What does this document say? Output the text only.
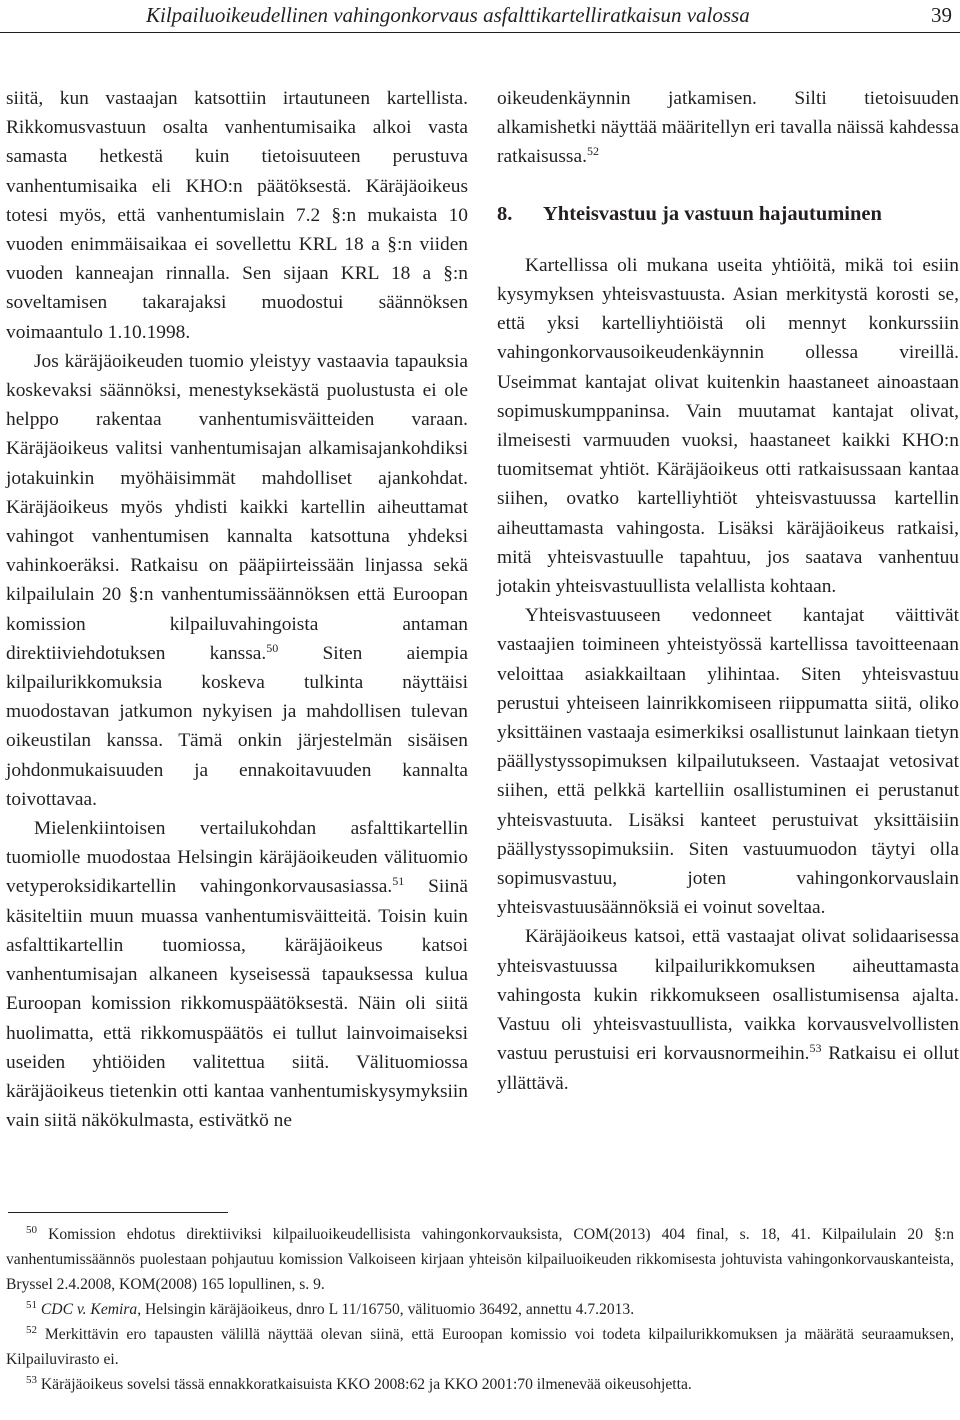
Kilpailuoikeudellinen vahingonkorvaus asfalttikartelliratkaisun valossa	39

siitä, kun vastaajan katsottiin irtautuneen kartellista. Rikkomusvastuun osalta vanhentumisaika alkoi vasta samasta hetkestä kuin tietoisuuteen perustuva vanhentumisaika eli KHO:n päätöksestä. Käräjäoikeus totesi myös, että vanhentumislain 7.2 §:n mukaista 10 vuoden enimmäisaikaa ei sovellettu KRL 18 a §:n viiden vuoden kanneajan rinnalla. Sen sijaan KRL 18 a §:n soveltamisen takarajaksi muodostui säännöksen voimaantulo 1.10.1998.

Jos käräjäoikeuden tuomio yleistyy vastaavia tapauksia koskevaksi säännöksi, menestyksekästä puolustusta ei ole helppo rakentaa vanhentumisväitteiden varaan. Käräjäoikeus valitsi vanhentumisajan alkamisajankohdiksi jotakuinkin myöhäisimmät mahdolliset ajankohdat. Käräjäoikeus myös yhdisti kaikki kartellin aiheuttamat vahingot vanhentumisen kannalta katsottuna yhdeksi vahinkoeräksi. Ratkaisu on pääpiirteissään linjassa sekä kilpailulain 20 §:n vanhentumissäännöksen että Euroopan komission kilpailuvahingoista antaman direktiiviehdotuksen kanssa.$^{50}$ Siten aiempia kilpailurikkomuksia koskeva tulkinta näyttäisi muodostavan jatkumon nykyisen ja mahdollisen tulevan oikeustilan kanssa. Tämä onkin järjestelmän sisäisen johdonmukaisuuden ja ennakoitavuuden kannalta toivottavaa.

Mielenkiintoisen vertailukohdan asfalttikartellin tuomiolle muodostaa Helsingin käräjäoikeuden välituomio vetyperoksidikartellin vahingonkorvausasiassa.$^{51}$ Siinä käsiteltiin muun muassa vanhentumisväitteitä. Toisin kuin asfalttikartellin tuomiossa, käräjäoikeus katsoi vanhentumisajan alkaneen kyseisessä tapauksessa kulua Euroopan komission rikkomuspäätöksestä. Näin oli siitä huolimatta, että rikkomuspäätös ei tullut lainvoimaiseksi useiden yhtiöiden valitettua siitä. Välituomiossa käräjäoikeus tietenkin otti kantaa vanhentumiskysymyksiin vain siitä näkökulmasta, estivätkö ne

oikeudenkäynnin jatkamisen. Silti tietoisuuden alkamishetki näyttää määritellyn eri tavalla näissä kahdessa ratkaisussa.$^{52}$

8.	Yhteisvastuu ja vastuun hajautuminen

Kartellissa oli mukana useita yhtiöitä, mikä toi esiin kysymyksen yhteisvastuusta. Asian merkitystä korosti se, että yksi kartelliyhtiöistä oli mennyt konkurssiin vahingonkorvausoikeudenkäynnin ollessa vireillä. Useimmat kantajat olivat kuitenkin haastaneet ainoastaan sopimuskumppaninsa. Vain muutamat kantajat olivat, ilmeisesti varmuuden vuoksi, haastaneet kaikki KHO:n tuomitsemat yhtiöt. Käräjäoikeus otti ratkaisussaan kantaa siihen, ovatko kartelliyhtiöt yhteisvastuussa kartellin aiheuttamasta vahingosta. Lisäksi käräjäoikeus ratkaisi, mitä yhteisvastuulle tapahtuu, jos saatava vanhentuu jotakin yhteisvastuullista velallista kohtaan.

Yhteisvastuuseen vedonneet kantajat väittivät vastaajien toimineen yhteistyössä kartellissa tavoitteenaan veloittaa asiakkailtaan ylihintaa. Siten yhteisvastuu perustui yhteiseen lainrikkomiseen riippumatta siitä, oliko yksittäinen vastaaja esimerkiksi osallistunut lainkaan tietyn päällystyssopimuksen kilpailutukseen. Vastaajat vetosivat siihen, että pelkkä kartelliin osallistuminen ei perustanut yhteisvastuuta. Lisäksi kanteet perustuivat yksittäisiin päällystyssopimuksiin. Siten vastuumuodon täytyi olla sopimusvastuu, joten vahingonkorvauslain yhteisvastuusäännöksiä ei voinut soveltaa.

Käräjäoikeus katsoi, että vastaajat olivat solidaarisessa yhteisvastuussa kilpailurikkomuksen aiheuttamasta vahingosta kukin rikkomukseen osallistumisensa ajalta. Vastuu oli yhteisvastuullista, vaikka korvausvelvollisten vastuu perustuisi eri korvausnormeihin.$^{53}$ Ratkaisu ei ollut yllättävä.

$^{50}$ Komission ehdotus direktiiviksi kilpailuoikeudellisista vahingonkorvauksista, COM(2013) 404 final, s. 18, 41. Kilpailulain 20 §:n vanhentumissäännös puolestaan pohjautuu komission Valkoiseen kirjaan yhteisön kilpailuoikeuden rikkomisesta johtuvista vahingonkorvauskanteista, Bryssel 2.4.2008, KOM(2008) 165 lopullinen, s. 9.

$^{51}$ CDC v. Kemira, Helsingin käräjäoikeus, dnro L 11/16750, välituomio 36492, annettu 4.7.2013.

$^{52}$ Merkittävin ero tapausten välillä näyttää olevan siinä, että Euroopan komissio voi todeta kilpailurikkomuksen ja määrätä seuraamuksen, Kilpailuvirasto ei.

$^{53}$ Käräjäoikeus sovelsi tässä ennakkoratkaisuista KKO 2008:62 ja KKO 2001:70 ilmenevää oikeusohjetta.
